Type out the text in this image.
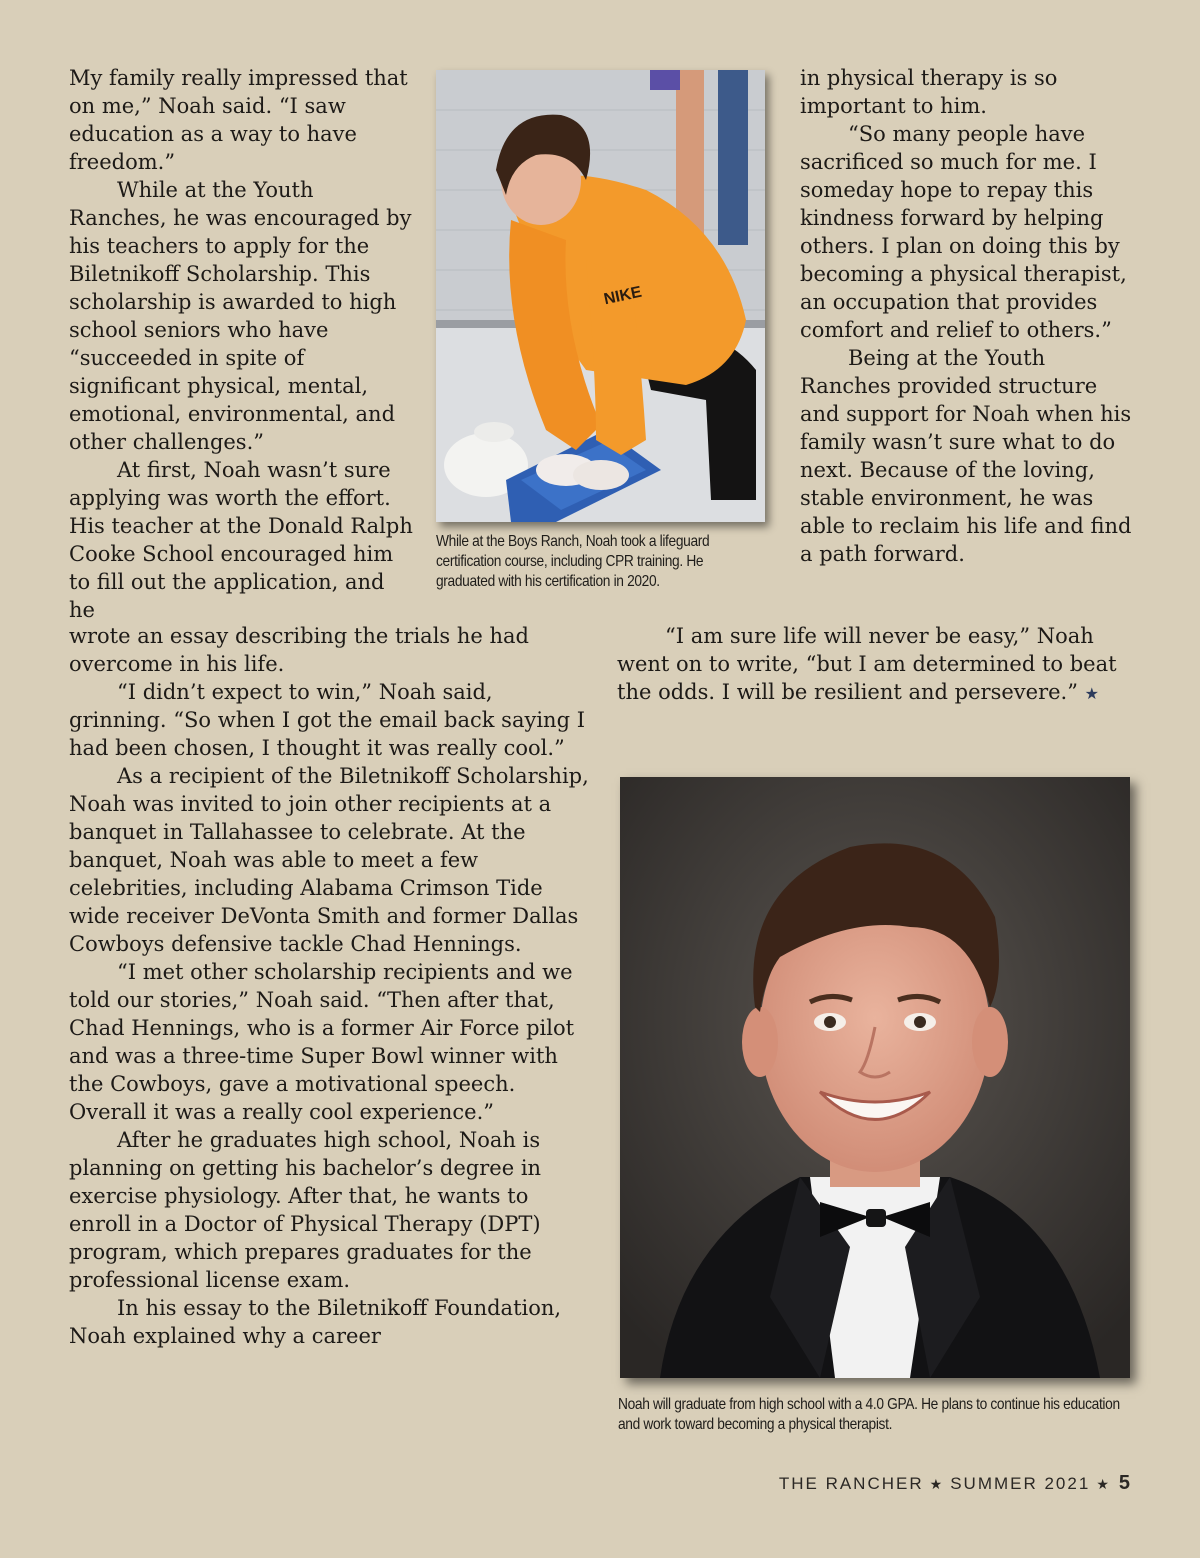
My family really impressed that on me,” Noah said. “I saw education as a way to have freedom.”

While at the Youth Ranches, he was encouraged by his teachers to apply for the Biletnikoff Scholarship. This scholarship is awarded to high school seniors who have “succeeded in spite of significant physical, mental, emotional, environmental, and other challenges.”

At first, Noah wasn’t sure applying was worth the effort. His teacher at the Donald Ralph Cooke School encouraged him to fill out the application, and he

NIKE
While at the Boys Ranch, Noah took a lifeguard certification course, including CPR training. He graduated with his certification in 2020.

in physical therapy is so important to him.

“So many people have sacrificed so much for me. I someday hope to repay this kindness forward by helping others. I plan on doing this by becoming a physical therapist, an occupation that provides comfort and relief to others.”

Being at the Youth Ranches provided structure and support for Noah when his family wasn’t sure what to do next. Because of the loving, stable environment, he was able to reclaim his life and find a path forward.

wrote an essay describing the trials he had overcome in his life.

“I didn’t expect to win,” Noah said, grinning. “So when I got the email back saying I had been chosen, I thought it was really cool.”

As a recipient of the Biletnikoff Scholarship, Noah was invited to join other recipients at a banquet in Tallahassee to celebrate. At the banquet, Noah was able to meet a few celebrities, including Alabama Crimson Tide wide receiver DeVonta Smith and former Dallas Cowboys defensive tackle Chad Hennings.

“I met other scholarship recipients and we told our stories,” Noah said. “Then after that, Chad Hennings, who is a former Air Force pilot and was a three-time Super Bowl winner with the Cowboys, gave a motivational speech. Overall it was a really cool experience.”

After he graduates high school, Noah is planning on getting his bachelor’s degree in exercise physiology. After that, he wants to enroll in a Doctor of Physical Therapy (DPT) program, which prepares graduates for the professional license exam.

In his essay to the Biletnikoff Foundation, Noah explained why a career

“I am sure life will never be easy,” Noah went on to write, “but I am determined to beat the odds. I will be resilient and persevere.” ★

Noah will graduate from high school with a 4.0 GPA. He plans to continue his education and work toward becoming a physical therapist.
THE RANCHER ★ SUMMER 2021 ★ 5
